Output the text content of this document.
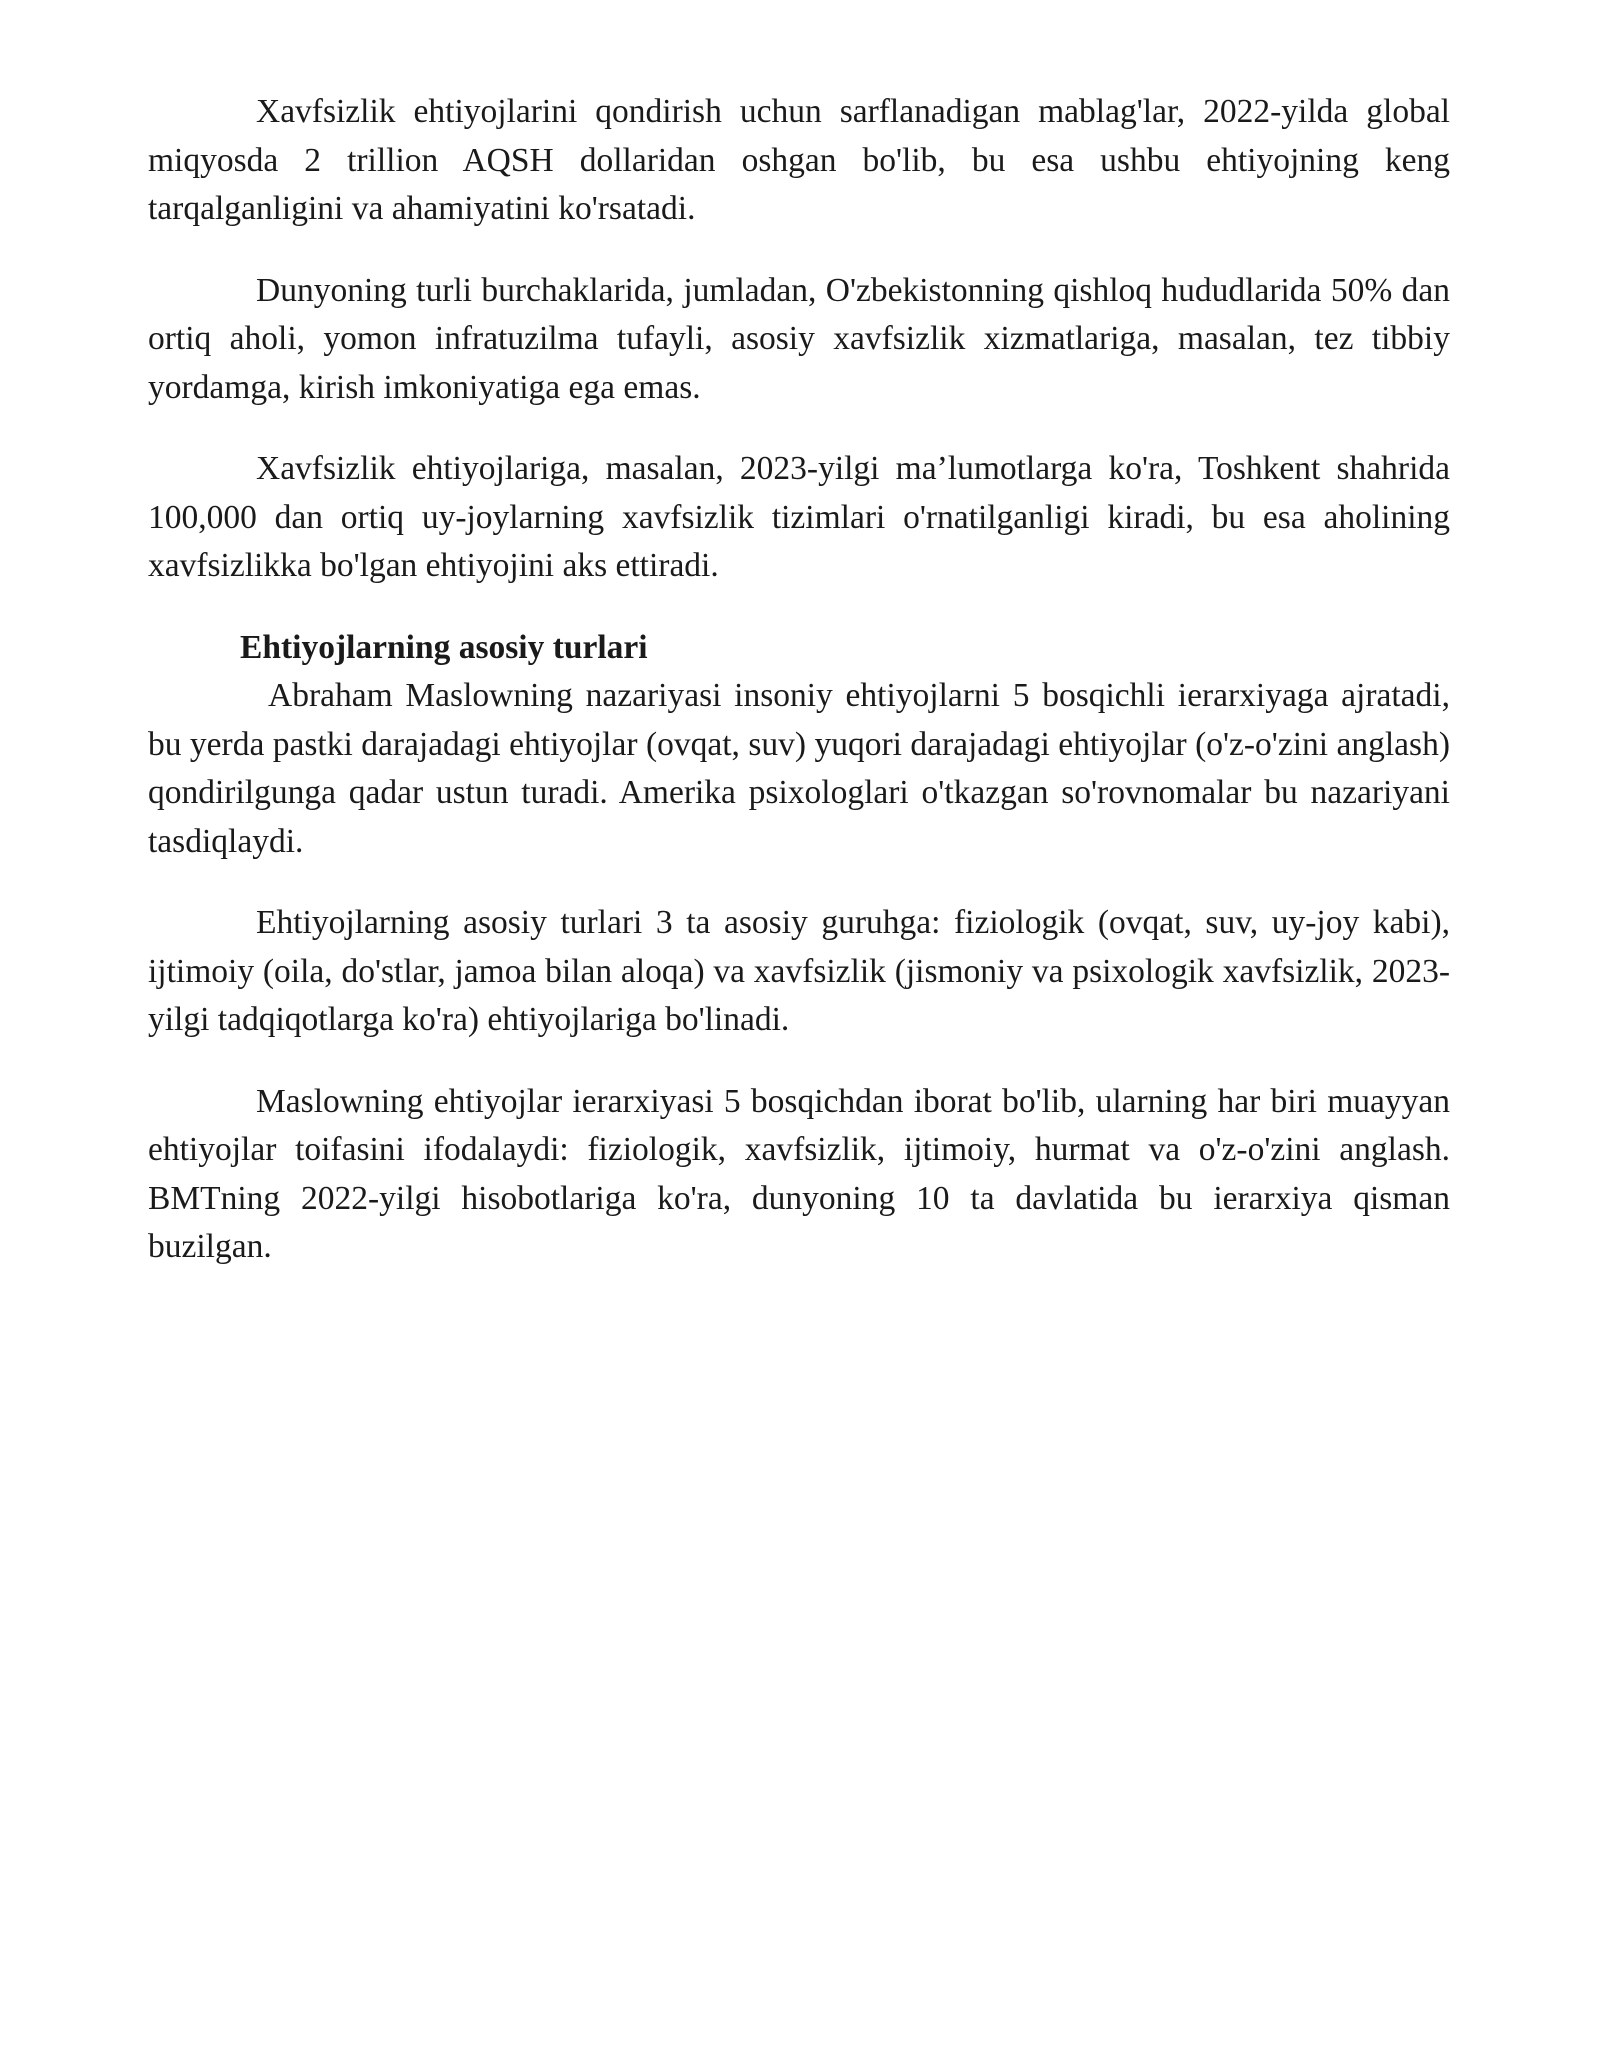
Xavfsizlik ehtiyojlarini qondirish uchun sarflanadigan mablag'lar, 2022-yilda global miqyosda 2 trillion AQSH dollaridan oshgan bo'lib, bu esa ushbu ehtiyojning keng tarqalganligini va ahamiyatini ko'rsatadi.

Dunyoning turli burchaklarida, jumladan, O'zbekistonning qishloq hududlarida 50% dan ortiq aholi, yomon infratuzilma tufayli, asosiy xavfsizlik xizmatlariga, masalan, tez tibbiy yordamga, kirish imkoniyatiga ega emas.

Xavfsizlik ehtiyojlariga, masalan, 2023-yilgi ma’lumotlarga ko'ra, Toshkent shahrida 100,000 dan ortiq uy-joylarning xavfsizlik tizimlari o'rnatilganligi kiradi, bu esa aholining xavfsizlikka bo'lgan ehtiyojini aks ettiradi.

Ehtiyojlarning asosiy turlari

Abraham Maslowning nazariyasi insoniy ehtiyojlarni 5 bosqichli ierarxiyaga ajratadi, bu yerda pastki darajadagi ehtiyojlar (ovqat, suv) yuqori darajadagi ehtiyojlar (o'z-o'zini anglash) qondirilgunga qadar ustun turadi. Amerika psixologlari o'tkazgan so'rovnomalar bu nazariyani tasdiqlaydi.

Ehtiyojlarning asosiy turlari 3 ta asosiy guruhga: fiziologik (ovqat, suv, uy-joy kabi), ijtimoiy (oila, do'stlar, jamoa bilan aloqa) va xavfsizlik (jismoniy va psixologik xavfsizlik, 2023-yilgi tadqiqotlarga ko'ra) ehtiyojlariga bo'linadi.

Maslowning ehtiyojlar ierarxiyasi 5 bosqichdan iborat bo'lib, ularning har biri muayyan ehtiyojlar toifasini ifodalaydi: fiziologik, xavfsizlik, ijtimoiy, hurmat va o'z-o'zini anglash. BMTning 2022-yilgi hisobotlariga ko'ra, dunyoning 10 ta davlatida bu ierarxiya qisman buzilgan.
